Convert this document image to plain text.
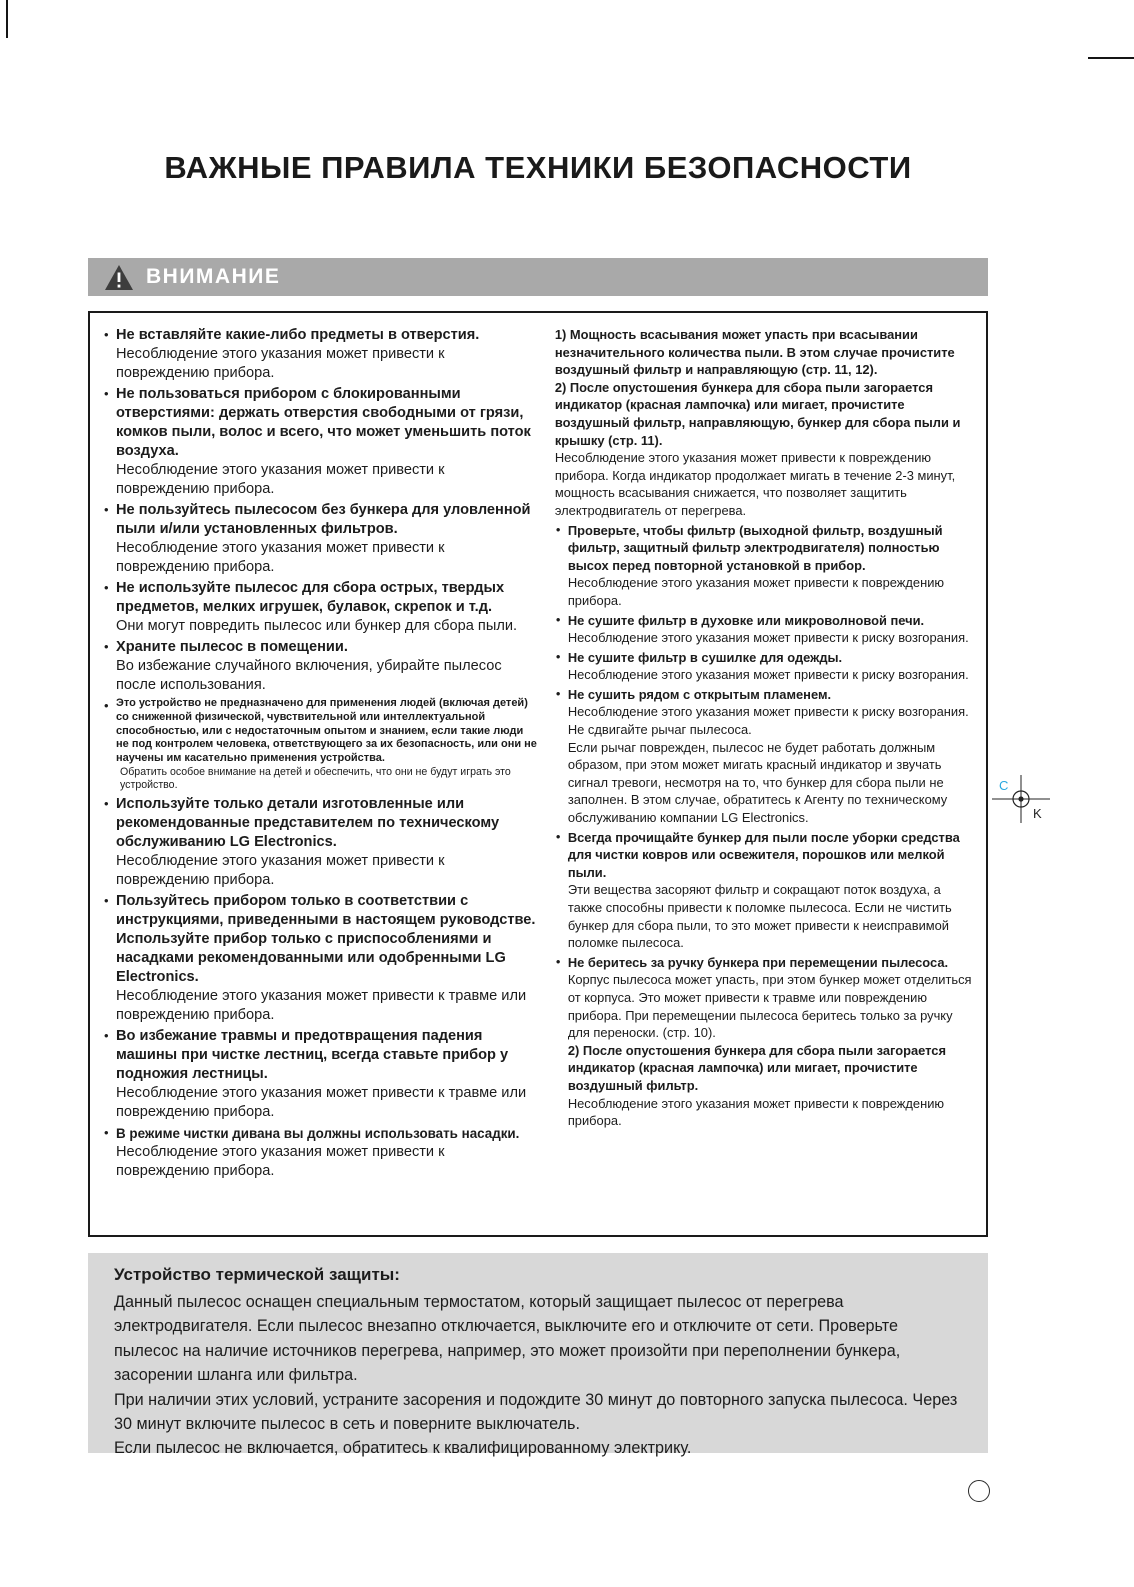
ВАЖНЫЕ ПРАВИЛА ТЕХНИКИ БЕЗОПАСНОСТИ
ВНИМАНИЕ
• Не вставляйте какие-либо предметы в отверстия.
Несоблюдение этого указания может привести к повреждению прибора.
• Не пользоваться прибором с блокированными отверстиями: держать отверстия свободными от грязи, комков пыли, волос и всего, что может уменьшить поток воздуха.
Несоблюдение этого указания может привести к повреждению прибора.
• Не пользуйтесь пылесосом без бункера для уловленной пыли и/или установленных фильтров.
Несоблюдение этого указания может привести к повреждению прибора.
• Не используйте пылесос для сбора острых, твердых предметов, мелких игрушек, булавок, скрепок и т.д.
Они могут повредить пылесос или бункер для сбора пыли.
• Храните пылесос в помещении.
Во избежание случайного включения, убирайте пылесос после использования.
• Это устройство не предназначено для применения людей (включая детей) со сниженной физической, чувствительной или интеллектуальной способностью, или с недостаточным опытом и знанием, если такие люди не под контролем человека, ответствующего за их безопасность, или они не научены им касательно применения устройства.
Обратить особое внимание на детей и обеспечить, что они не будут играть это устройство.
• Используйте только детали изготовленные или рекомендованные представителем по техническому обслуживанию LG Electronics.
Несоблюдение этого указания может привести к повреждению прибора.
• Пользуйтесь прибором только в соответствии с инструкциями, приведенными в настоящем руководстве. Используйте прибор только с приспособлениями и насадками рекомендованными или одобренными LG Electronics.
Несоблюдение этого указания может привести к травме или повреждению прибора.
• Во избежание травмы и предотвращения падения машины при чистке лестниц, всегда ставьте прибор у подножия лестницы.
Несоблюдение этого указания может привести к травме или повреждению прибора.
• В режиме чистки дивана вы должны использовать насадки.
Несоблюдение этого указания может привести к повреждению прибора.
1) Мощность всасывания может упасть при всасывании незначительного количества пыли. В этом случае прочистите воздушный фильтр и направляющую (стр. 11, 12).
2) После опустошения бункера для сбора пыли загорается индикатор (красная лампочка) или мигает, прочистите воздушный фильтр, направляющую, бункер для сбора пыли и крышку (стр. 11).
Несоблюдение этого указания может привести к повреждению прибора. Когда индикатор продолжает мигать в течение 2-3 минут, мощность всасывания снижается, что позволяет защитить электродвигатель от перегрева.
• Проверьте, чтобы фильтр (выходной фильтр, воздушный фильтр, защитный фильтр электродвигателя) полностью высох перед повторной установкой в прибор.
Несоблюдение этого указания может привести к повреждению прибора.
• Не сушите фильтр в духовке или микроволновой печи.
Несоблюдение этого указания может привести к риску возгорания.
• Не сушите фильтр в сушилке для одежды.
Несоблюдение этого указания может привести к риску возгорания.
• Не сушить рядом с открытым пламенем.
Несоблюдение этого указания может привести к риску возгорания.
Не сдвигайте рычаг пылесоса.
Если рычаг поврежден, пылесос не будет работать должным образом, при этом может мигать красный индикатор и звучать сигнал тревоги, несмотря на то, что бункер для сбора пыли не заполнен. В этом случае, обратитесь к Агенту по техническому обслуживанию компании LG Electronics.
• Всегда прочищайте бункер для пыли после уборки средства для чистки ковров или освежителя, порошков или мелкой пыли.
Эти вещества засоряют фильтр и сокращают поток воздуха, а также способны привести к поломке пылесоса. Если не чистить бункер для сбора пыли, то это может привести к неисправимой поломке пылесоса.
• Не беритесь за ручку бункера при перемещении пылесоса.
Корпус пылесоса может упасть, при этом бункер может отделиться от корпуса. Это может привести к травме или повреждению прибора. При перемещении пылесоса беритесь только за ручку для переноски. (стр. 10).
2) После опустошения бункера для сбора пыли загорается индикатор (красная лампочка) или мигает, прочистите воздушный фильтр.
Несоблюдение этого указания может привести к повреждению прибора.
Устройство термической защиты:

Данный пылесос оснащен специальным термостатом, который защищает пылесос от перегрева электродвигателя. Если пылесос внезапно отключается, выключите его и отключите от сети. Проверьте пылесос на наличие источников перегрева, например, это может произойти при переполнении бункера, засорении шланга или фильтра.

При наличии этих условий, устраните засорения и подождите 30 минут до повторного запуска пылесоса. Через 30 минут включите пылесос в сеть и поверните выключатель.

Если пылесос не включается, обратитесь к квалифицированному электрику.

C
K
